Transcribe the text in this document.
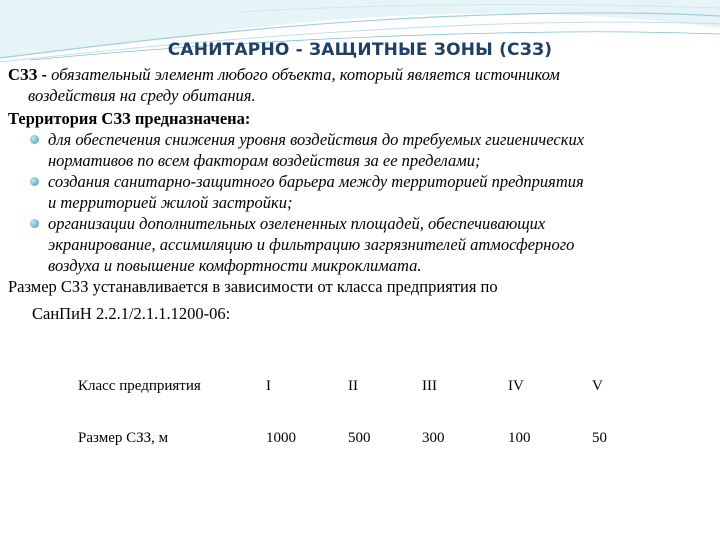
САНИТАРНО - ЗАЩИТНЫЕ ЗОНЫ (СЗЗ)

СЗЗ - обязательный элемент любого объекта, который является источником

воздействия на среду обитания.
Территория СЗЗ предназначена:
для обеспечения снижения уровня воздействия до требуемых гигиенических
нормативов по всем факторам воздействия за ее пределами;
создания санитарно-защитного барьера между территорией предприятия
и территорией жилой застройки;
организации дополнительных озелененных площадей, обеспечивающих
экранирование, ассимиляцию и фильтрацию загрязнителей атмосферного
воздуха и повышение комфортности микроклимата.

Размер СЗЗ устанавливается в зависимости от класса предприятия по
СанПиН 2.2.1/2.1.1.1200-06:

Класс предприятия	I	II	III	IV	V
Размер СЗЗ, м	1000	500	300	100	50
